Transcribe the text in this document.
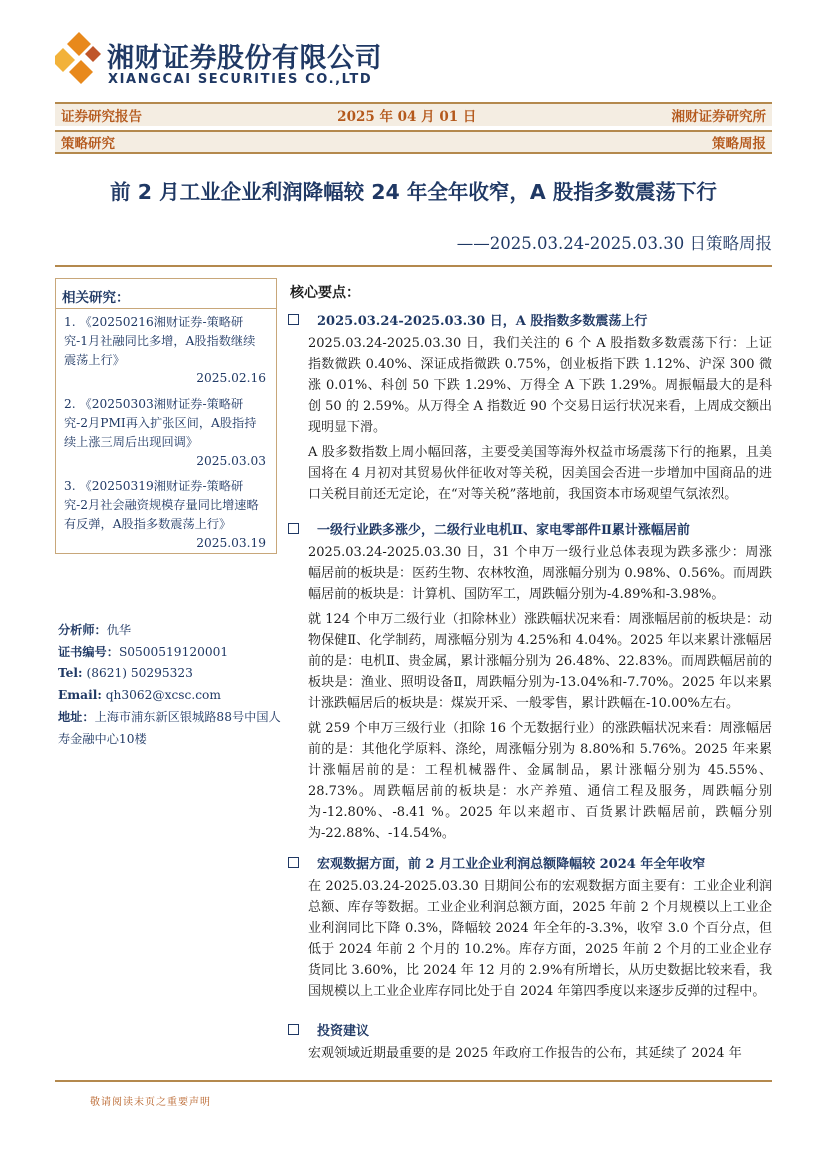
湘财证券股份有限公司
XIANGCAI SECURITIES CO.,LTD
证券研究报告	2025 年 04 月 01 日	湘财证券研究所
策略研究	策略周报
前 2 月工业企业利润降幅较 24 年全年收窄，A 股指多数震荡下行
——2025.03.24-2025.03.30 日策略周报
相关研究：
1. 《20250216湘财证券-策略研究-1月社融同比多增，A股指数继续震荡上行》
2025.02.16
2. 《20250303湘财证券-策略研究-2月PMI再入扩张区间，A股指持续上涨三周后出现回调》
2025.03.03
3. 《20250319湘财证券-策略研究-2月社会融资规模存量同比增速略有反弹，A股指多数震荡上行》
2025.03.19
分析师：仇华
证书编号：S0500519120001
Tel: (8621) 50295323
Email: qh3062@xcsc.com
地址：上海市浦东新区银城路88号中国人寿金融中心10楼
核心要点：
2025.03.24-2025.03.30 日，A 股指数多数震荡上行

2025.03.24-2025.03.30 日，我们关注的 6 个 A 股指数多数震荡下行：上证指数微跌 0.40%、深证成指微跌 0.75%，创业板指下跌 1.12%、沪深 300 微涨 0.01%、科创 50 下跌 1.29%、万得全 A 下跌 1.29%。周振幅最大的是科创 50 的 2.59%。从万得全 A 指数近 90 个交易日运行状况来看，上周成交额出现明显下滑。

A 股多数指数上周小幅回落，主要受美国等海外权益市场震荡下行的拖累，且美国将在 4 月初对其贸易伙伴征收对等关税，因美国会否进一步增加中国商品的进口关税目前还无定论，在“对等关税”落地前，我国资本市场观望气氛浓烈。

一级行业跌多涨少，二级行业电机Ⅱ、家电零部件Ⅱ累计涨幅居前

2025.03.24-2025.03.30 日，31 个申万一级行业总体表现为跌多涨少：周涨幅居前的板块是：医药生物、农林牧渔，周涨幅分别为 0.98%、0.56%。而周跌幅居前的板块是：计算机、国防军工，周跌幅分别为-4.89%和-3.98%。

就 124 个申万二级行业（扣除林业）涨跌幅状况来看：周涨幅居前的板块是：动物保健Ⅱ、化学制药，周涨幅分别为 4.25%和 4.04%。2025 年以来累计涨幅居前的是：电机Ⅱ、贵金属，累计涨幅分别为 26.48%、22.83%。而周跌幅居前的板块是：渔业、照明设备Ⅱ，周跌幅分别为-13.04%和-7.70%。2025 年以来累计涨跌幅居后的板块是：煤炭开采、一般零售，累计跌幅在-10.00%左右。

就 259 个申万三级行业（扣除 16 个无数据行业）的涨跌幅状况来看：周涨幅居前的是：其他化学原料、涤纶，周涨幅分别为 8.80%和 5.76%。2025 年来累计涨幅居前的是：工程机械器件、金属制品，累计涨幅分别为 45.55%、28.73%。周跌幅居前的板块是：水产养殖、通信工程及服务，周跌幅分别为-12.80%、-8.41 %。2025 年以来超市、百货累计跌幅居前，跌幅分别为-22.88%、-14.54%。

宏观数据方面，前 2 月工业企业利润总额降幅较 2024 年全年收窄

在 2025.03.24-2025.03.30 日期间公布的宏观数据方面主要有：工业企业利润总额、库存等数据。工业企业利润总额方面，2025 年前 2 个月规模以上工业企业利润同比下降 0.3%，降幅较 2024 年全年的-3.3%，收窄 3.0 个百分点，但低于 2024 年前 2 个月的 10.2%。库存方面，2025 年前 2 个月的工业企业存货同比 3.60%，比 2024 年 12 月的 2.9%有所增长，从历史数据比较来看，我国规模以上工业企业库存同比处于自 2024 年第四季度以来逐步反弹的过程中。

投资建议

宏观领域近期最重要的是 2025 年政府工作报告的公布，其延续了 2024 年

敬请阅读末页之重要声明
